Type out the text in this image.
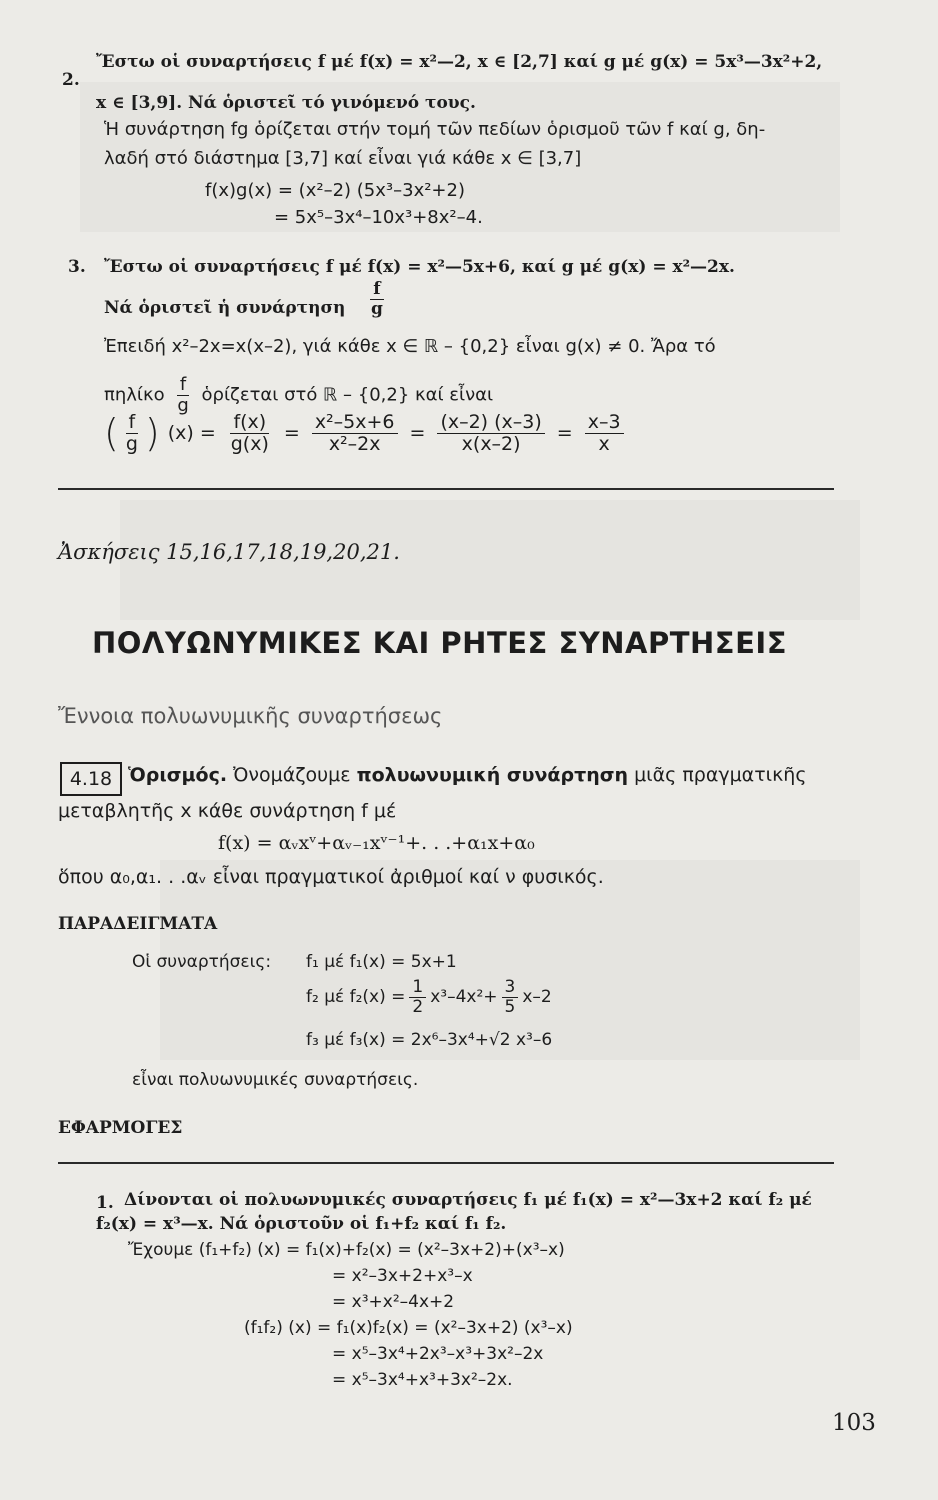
2.
Ἔστω οἱ συναρτήσεις f μέ f(x) = x²—2, x ∈ [2,7] καί g μέ g(x) = 5x³—3x²+2,
x ∈ [3,9]. Νά ὁριστεῖ τό γινόμενό τους.
Ἡ συνάρτηση fg ὁρίζεται στήν τομή τῶν πεδίων ὁρισμοῦ τῶν f καί g, δη-
λαδή στό διάστημα [3,7] καί εἶναι γιά κάθε x ∈ [3,7]
f(x)g(x) = (x²–2) (5x³–3x²+2)
= 5x⁵–3x⁴–10x³+8x²–4.
3. Ἔστω οἱ συναρτήσεις f μέ f(x) = x²—5x+6, καί g μέ g(x) = x²—2x.
Νά ὁριστεῖ ἡ συνάρτηση $\frac{f}{g}$
Ἐπειδή x²–2x=x(x–2), γιά κάθε x ∈ ℝ – {0,2} εἶναι g(x) ≠ 0. Ἄρα τό
πηλίκο $\frac{f}{g}$ ὁρίζεται στό ℝ – {0,2} καί εἶναι
( $\frac{f}{g}$ ) $(x) = \frac{f(x)}{g(x)} = \frac{\text{x²–5x+6}}{\text{x²–2x}} = \frac{(x-2) (x-3)}{x(x-2)} = \frac{x-3}{x}$
Ἀσκήσεις 15,16,17,18,19,20,21.
ΠΟΛΥΩΝΥΜΙΚΕΣ ΚΑΙ ΡΗΤΕΣ ΣΥΝΑΡΤΗΣΕΙΣ
Ἔννοια πολυωνυμικῆς συναρτήσεως
4.18 Ὁρισμός. Ὀνομάζουμε πολυωνυμική συνάρτηση μιᾶς πραγματικῆς
μεταβλητῆς x κάθε συνάρτηση f μέ
f(x) = αᵥxᵛ+αᵥ₋₁xᵛ⁻¹+. . .+α₁x+α₀
ὅπου α₀,α₁. . .αᵥ εἶναι πραγματικοί ἀριθμοί καί ν φυσικός.
ΠΑΡΑΔΕΙΓΜΑΤΑ
Οἱ συναρτήσεις: f₁ μέ f₁(x) = 5x+1
f₂ μέ $f_2(x) = \frac{1}{2} x^3-4x^2+ \frac{3}{5} x-2$
f₃ μέ f₃(x) = 2x⁶–3x⁴+√2 x³–6
εἶναι πολυωνυμικές συναρτήσεις.
ΕΦΑΡΜΟΓΕΣ
1. Δίνονται οἱ πολυωνυμικές συναρτήσεις f₁ μέ f₁(x) = x²—3x+2 καί f₂ μέ
f₂(x) = x³—x. Νά ὁριστοῦν οἱ f₁+f₂ καί f₁ f₂.
Ἔχουμε (f₁+f₂) (x) = f₁(x)+f₂(x) = (x²–3x+2)+(x³–x)
= x²–3x+2+x³–x
= x³+x²–4x+2
(f₁f₂) (x) = f₁(x)f₂(x) = (x²–3x+2) (x³–x)
= x⁵–3x⁴+2x³–x³+3x²–2x
= x⁵–3x⁴+x³+3x²–2x.
103
